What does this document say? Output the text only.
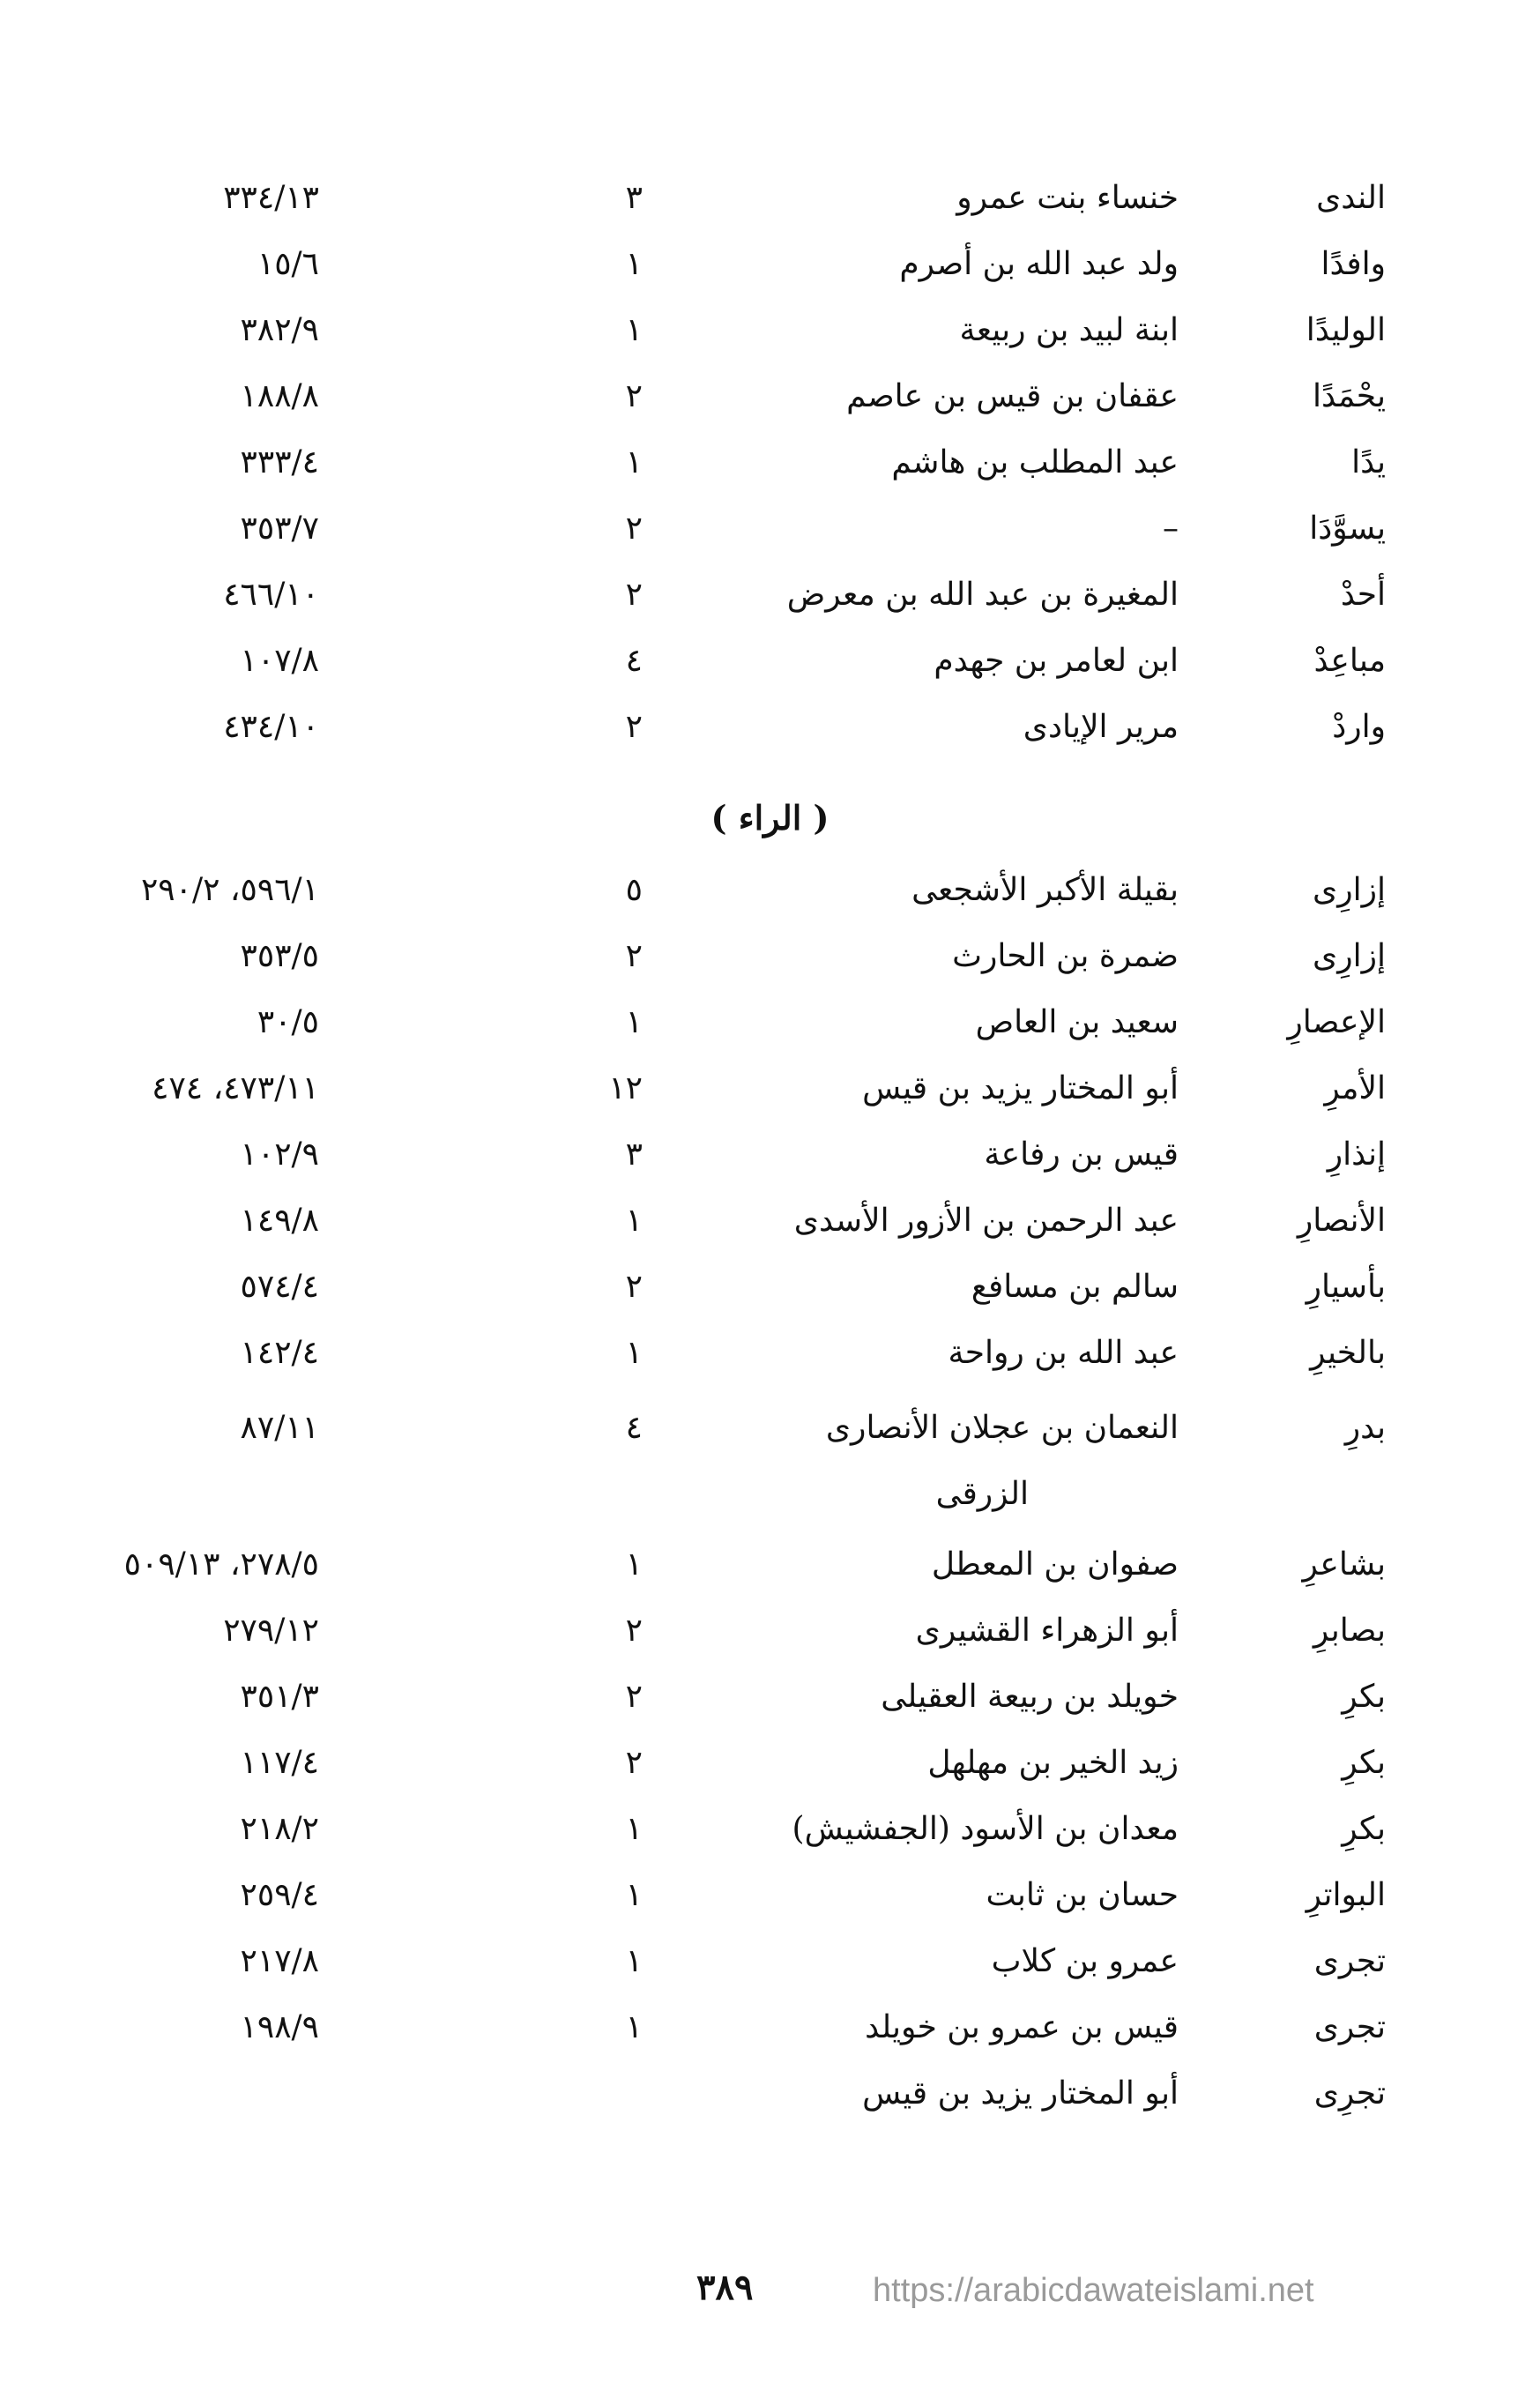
الندى
خنساء بنت عمرو
٣
٣٣٤/١٣
وافدًا
ولد عبد الله بن أصرم
١
١٥/٦
الوليدًا
ابنة لبيد بن ربيعة
١
٣٨٢/٩
يحْمَدًا
عقفان بن قيس بن عاصم
٢
١٨٨/٨
يدًا
عبد المطلب بن هاشم
١
٣٣٣/٤
يسوَّدَا
–
٢
٣٥٣/٧
أحدْ
المغيرة بن عبد الله بن معرض
٢
٤٦٦/١٠
مباعِدْ
ابن لعامر بن جهدم
٤
١٠٧/٨
واردْ
مرير الإيادى
٢
٤٣٤/١٠
( الراء )
إزارِى
بقيلة الأكبر الأشجعى
٥
٥٩٦/١، ٢٩٠/٢
إزارِى
ضمرة بن الحارث
٢
٣٥٣/٥
الإعصارِ
سعيد بن العاص
١
٣٠/٥
الأمرِ
أبو المختار يزيد بن قيس
١٢
٤٧٣/١١، ٤٧٤
إنذارِ
قيس بن رفاعة
٣
١٠٢/٩
الأنصارِ
عبد الرحمن بن الأزور الأسدى
١
١٤٩/٨
بأسيارِ
سالم بن مسافع
٢
٥٧٤/٤
بالخيرِ
عبد الله بن رواحة
١
١٤٢/٤
بدرِ
النعمان بن عجلان الأنصارى
٤
٨٧/١١
الزرقى
بشاعرِ
صفوان بن المعطل
١
٢٧٨/٥، ٥٠٩/١٣
بصابرِ
أبو الزهراء القشيرى
٢
٢٧٩/١٢
بكرِ
خويلد بن ربيعة العقيلى
٢
٣٥١/٣
بكرِ
زيد الخير بن مهلهل
٢
١١٧/٤
بكرِ
معدان بن الأسود (الجفشيش)
١
٢١٨/٢
البواترِ
حسان بن ثابت
١
٢٥٩/٤
تجرى
عمرو بن كلاب
١
٢١٧/٨
تجرى
قيس بن عمرو بن خويلد
١
١٩٨/٩
تجرِى
أبو المختار يزيد بن قيس
٣٨٩	https://arabicdawateislami.net
